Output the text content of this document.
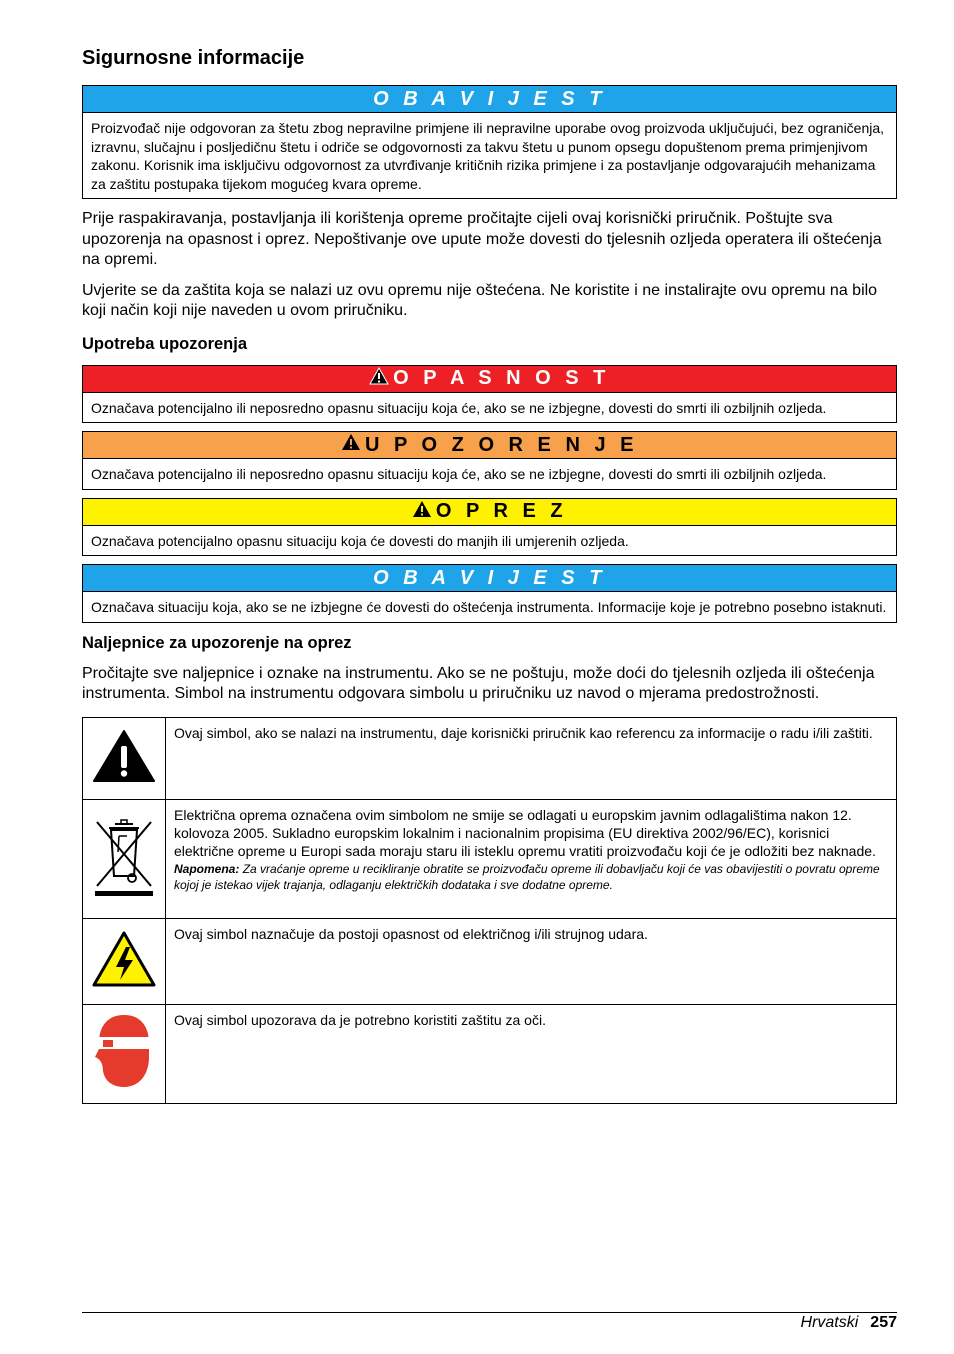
Sigurnosne informacije
O B A V I J E S T
Proizvođač nije odgovoran za štetu zbog nepravilne primjene ili nepravilne uporabe ovog proizvoda uključujući, bez ograničenja, izravnu, slučajnu i posljedičnu štetu i odriče se odgovornosti za takvu štetu u punom opsegu dopuštenom prema primjenjivom zakonu. Korisnik ima isključivu odgovornost za utvrđivanje kritičnih rizika primjene i za postavljanje odgovarajućih mehanizama za zaštitu postupaka tijekom mogućeg kvara opreme.

Prije raspakiravanja, postavljanja ili korištenja opreme pročitajte cijeli ovaj korisnički priručnik. Poštujte sva upozorenja na opasnost i oprez. Nepoštivanje ove upute može dovesti do tjelesnih ozljeda operatera ili oštećenja na opremi.

Uvjerite se da zaštita koja se nalazi uz ovu opremu nije oštećena. Ne koristite i ne instalirajte ovu opremu na bilo koji način koji nije naveden u ovom priručniku.

Upotreba upozorenja
O P A S N O S T
Označava potencijalno ili neposredno opasnu situaciju koja će, ako se ne izbjegne, dovesti do smrti ili ozbiljnih ozljeda.
U P O Z O R E N J E
Označava potencijalno ili neposredno opasnu situaciju koja će, ako se ne izbjegne, dovesti do smrti ili ozbiljnih ozljeda.
O P R E Z
Označava potencijalno opasnu situaciju koja će dovesti do manjih ili umjerenih ozljeda.
O B A V I J E S T
Označava situaciju koja, ako se ne izbjegne će dovesti do oštećenja instrumenta. Informacije koje je potrebno posebno istaknuti.
Naljepnice za upozorenje na oprez

Pročitajte sve naljepnice i oznake na instrumentu. Ako se ne poštuju, može doći do tjelesnih ozljeda ili oštećenja instrumenta. Simbol na instrumentu odgovara simbolu u priručniku uz navod o mjerama predostrožnosti.

	Ovaj simbol, ako se nalazi na instrumentu, daje korisnički priručnik kao referencu za informacije o radu i/ili zaštiti.

Električna oprema označena ovim simbolom ne smije se odlagati u europskim javnim odlagalištima nakon 12. kolovoza 2005. Sukladno europskim lokalnim i nacionalnim propisima (EU direktiva 2002/96/EC), korisnici električne opreme u Europi sada moraju staru ili isteklu opremu vratiti proizvođaču koji će je odložiti bez naknade.
Napomena: Za vraćanje opreme u recikliranje obratite se proizvođaču opreme ili dobavljaču koji će vas obavijestiti o povratu opreme kojoj je istekao vijek trajanja, odlaganju električkih dodataka i sve dodatne opreme.

	Ovaj simbol naznačuje da postoji opasnost od električnog i/ili strujnog udara.
	Ovaj simbol upozorava da je potrebno koristiti zaštitu za oči.
Hrvatski 257
